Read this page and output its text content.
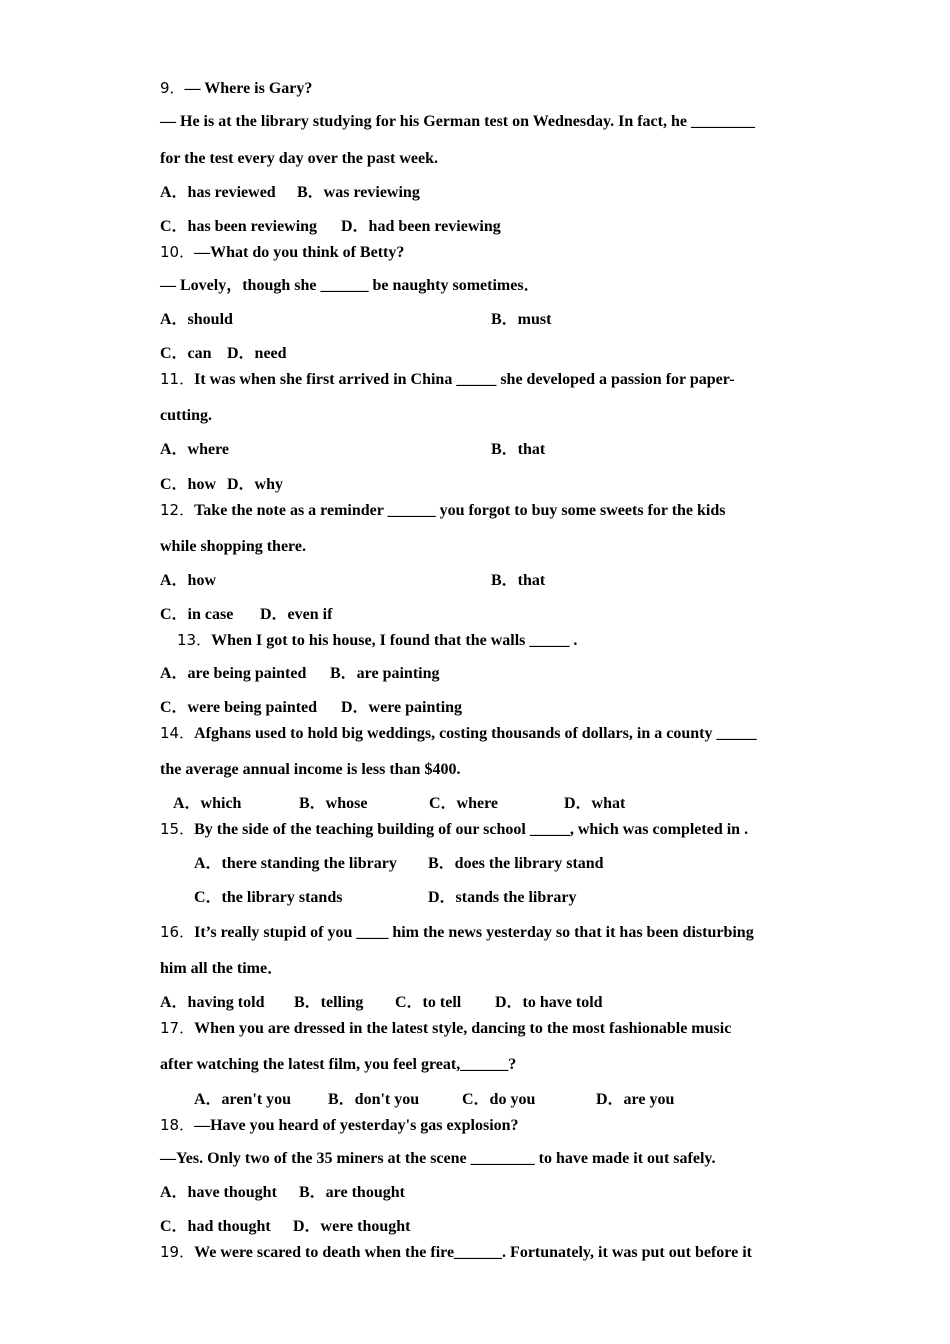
9．— Where is Gary?
— He is at the library studying for his German test on Wednesday. In fact, he ________
for the test every day over the past week.
A．has reviewed B．was reviewing
C．has been reviewing D．had been reviewing
10．—What do you think of Betty?
— Lovely，though she ______ be naughty sometimes．
A．should	B．must
C．can D．need
11．It was when she first arrived in China _____ she developed a passion for paper-
cutting.
A．where	B．that
C．how D．why
12．Take the note as a reminder ______ you forgot to buy some sweets for the kids
while shopping there.
A．how	B．that
C．in case D．even if
13．When I got to his house, I found that the walls _____ .
A．are being painted B．are painting
C．were being painted D．were painting
14．Afghans used to hold big weddings, costing thousands of dollars, in a county _____
the average annual income is less than $400.
A．which	B．whose	C．where	D．what
15．By the side of the teaching building of our school _____, which was completed in .
A．there standing the library B．does the library stand
C．the library stands	D．stands the library
16．It’s really stupid of you ____ him the news yesterday so that it has been disturbing
him all the time．
A．having told B．telling C．to tell D．to have told
17．When you are dressed in the latest style, dancing to the most fashionable music
after watching the latest film, you feel great,______?
A．aren't you B．don't you	C．do you	D．are you
18．—Have you heard of yesterday's gas explosion?
—Yes. Only two of the 35 miners at the scene ________ to have made it out safely.
A．have thought B．are thought
C．had thought D．were thought
19．We were scared to death when the fire______. Fortunately, it was put out before it
